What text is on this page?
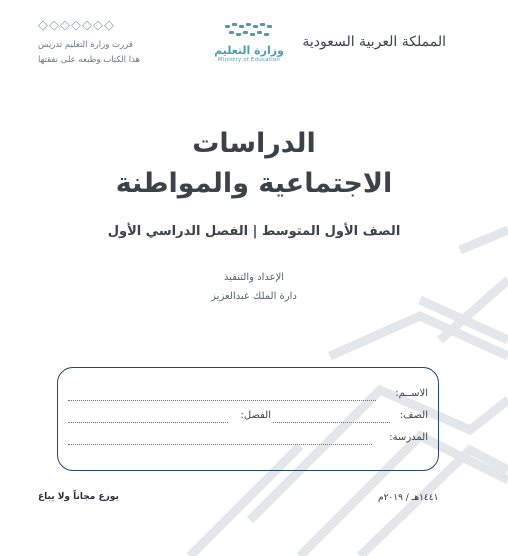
◇◇◇◇◇◇◇
قررت وزارة التعليم تدريس
هذا الكتاب وطبعه على نفقتها
وزارة التعليم
Ministry of Education
المملكة العربية السعودية
الدراسات
الاجتماعية والمواطنة
الصف الأول المتوسط | الفصل الدراسي الأول
الإعداد والتنفيذ
دارة الملك عبدالعزيز
الاســم:
الصف:
الفصل:
المدرسة:
يوزع مجاناً ولا يباع	١٤٤١هـ / ٢٠١٩م
